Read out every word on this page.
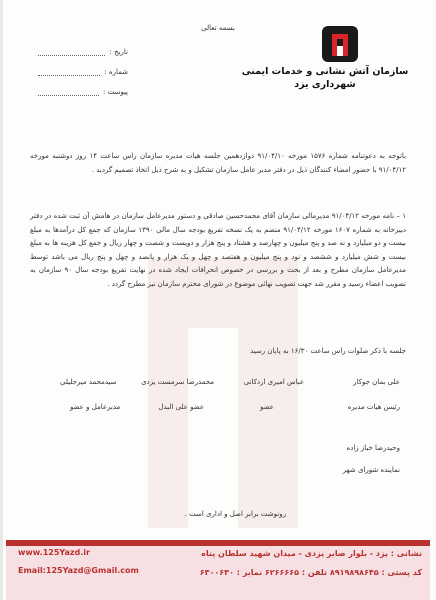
بسمه تعالی
سازمان آتش نشانی و خدمات ایمنی
شهرداری یزد
تاریخ :
شماره :
پیوست :
باتوجه به دعوتنامه شماره ۱۵۷۶ مورخه ۹۱/۰۴/۱۰ دوازدهمین جلسه هیات مدیره سازمان راس ساعت ۱۴ روز دوشنبه مورخه ۹۱/۰۴/۱۲ با حضور امضاء کنندگان ذیل در دفتر مدیر عامل سازمان تشکیل و به شرح ذیل اتخاذ تصمیم گردید .
۱ – نامه مورخه ۹۱/۰۴/۱۲ مدیرمالی سازمان آقای محمدحسین صادقی و دستور مدیرعامل سازمان در هامش آن ثبت شده در دفتر دبیرخانه به شماره ۱۶۰۷ مورخه ۹۱/۰۴/۱۲ منضم به یک نسخه تفریغ بودجه سال مالی ۱۳۹۰ سازمان که جمع کل درآمدها به مبلغ بیست و دو میلیارد و نه صد و پنج میلیون و چهارصد و هشتاد و پنج هزار و دویست و شصت و چهار ریال و جمع کل هزینه ها به مبلغ بیست و شش میلیارد و ششصد و نود و پنج میلیون و هفتصد و چهل و یک هزار و پانصد و چهل و پنج ریال می باشد توسط مدیرعامل سازمان مطرح و بعد از بحث و بررسی در خصوص انحرافات ایجاد شده در نهایت تفریغ بودجه سال ۹۰ سازمان به تصویب اعضاء رسید و مقرر شد جهت تصویب نهائی موضوع در شورای محترم سازمان نیز مطرح گردد .
جلسه با ذکر صلوات راس ساعت ۱۶/۳۰ به پایان رسید
علی بمان جوکار
عباس امیری اردکانی
محمدرضا سرمست یزدی
سیدمحمد میرجلیلی
رئیس هیات مدیره
عضو
عضو علی البدل
مدیرعامل و عضو
وحیدرضا خباز زاده
نماینده شورای شهر
رونوشت برابر اصل و اداری است .
نشانی : یزد - بلوار صابر یزدی - میدان شهید سلطان پناه
کد پستی : ۸۹۱۹۸۹۸۶۴۵ تلفن : ۶۲۶۶۶۶۵ نمابر : ۶۳۰۰۶۳۰
www.125Yazd.ir
Email:125Yazd@Gmail.com
